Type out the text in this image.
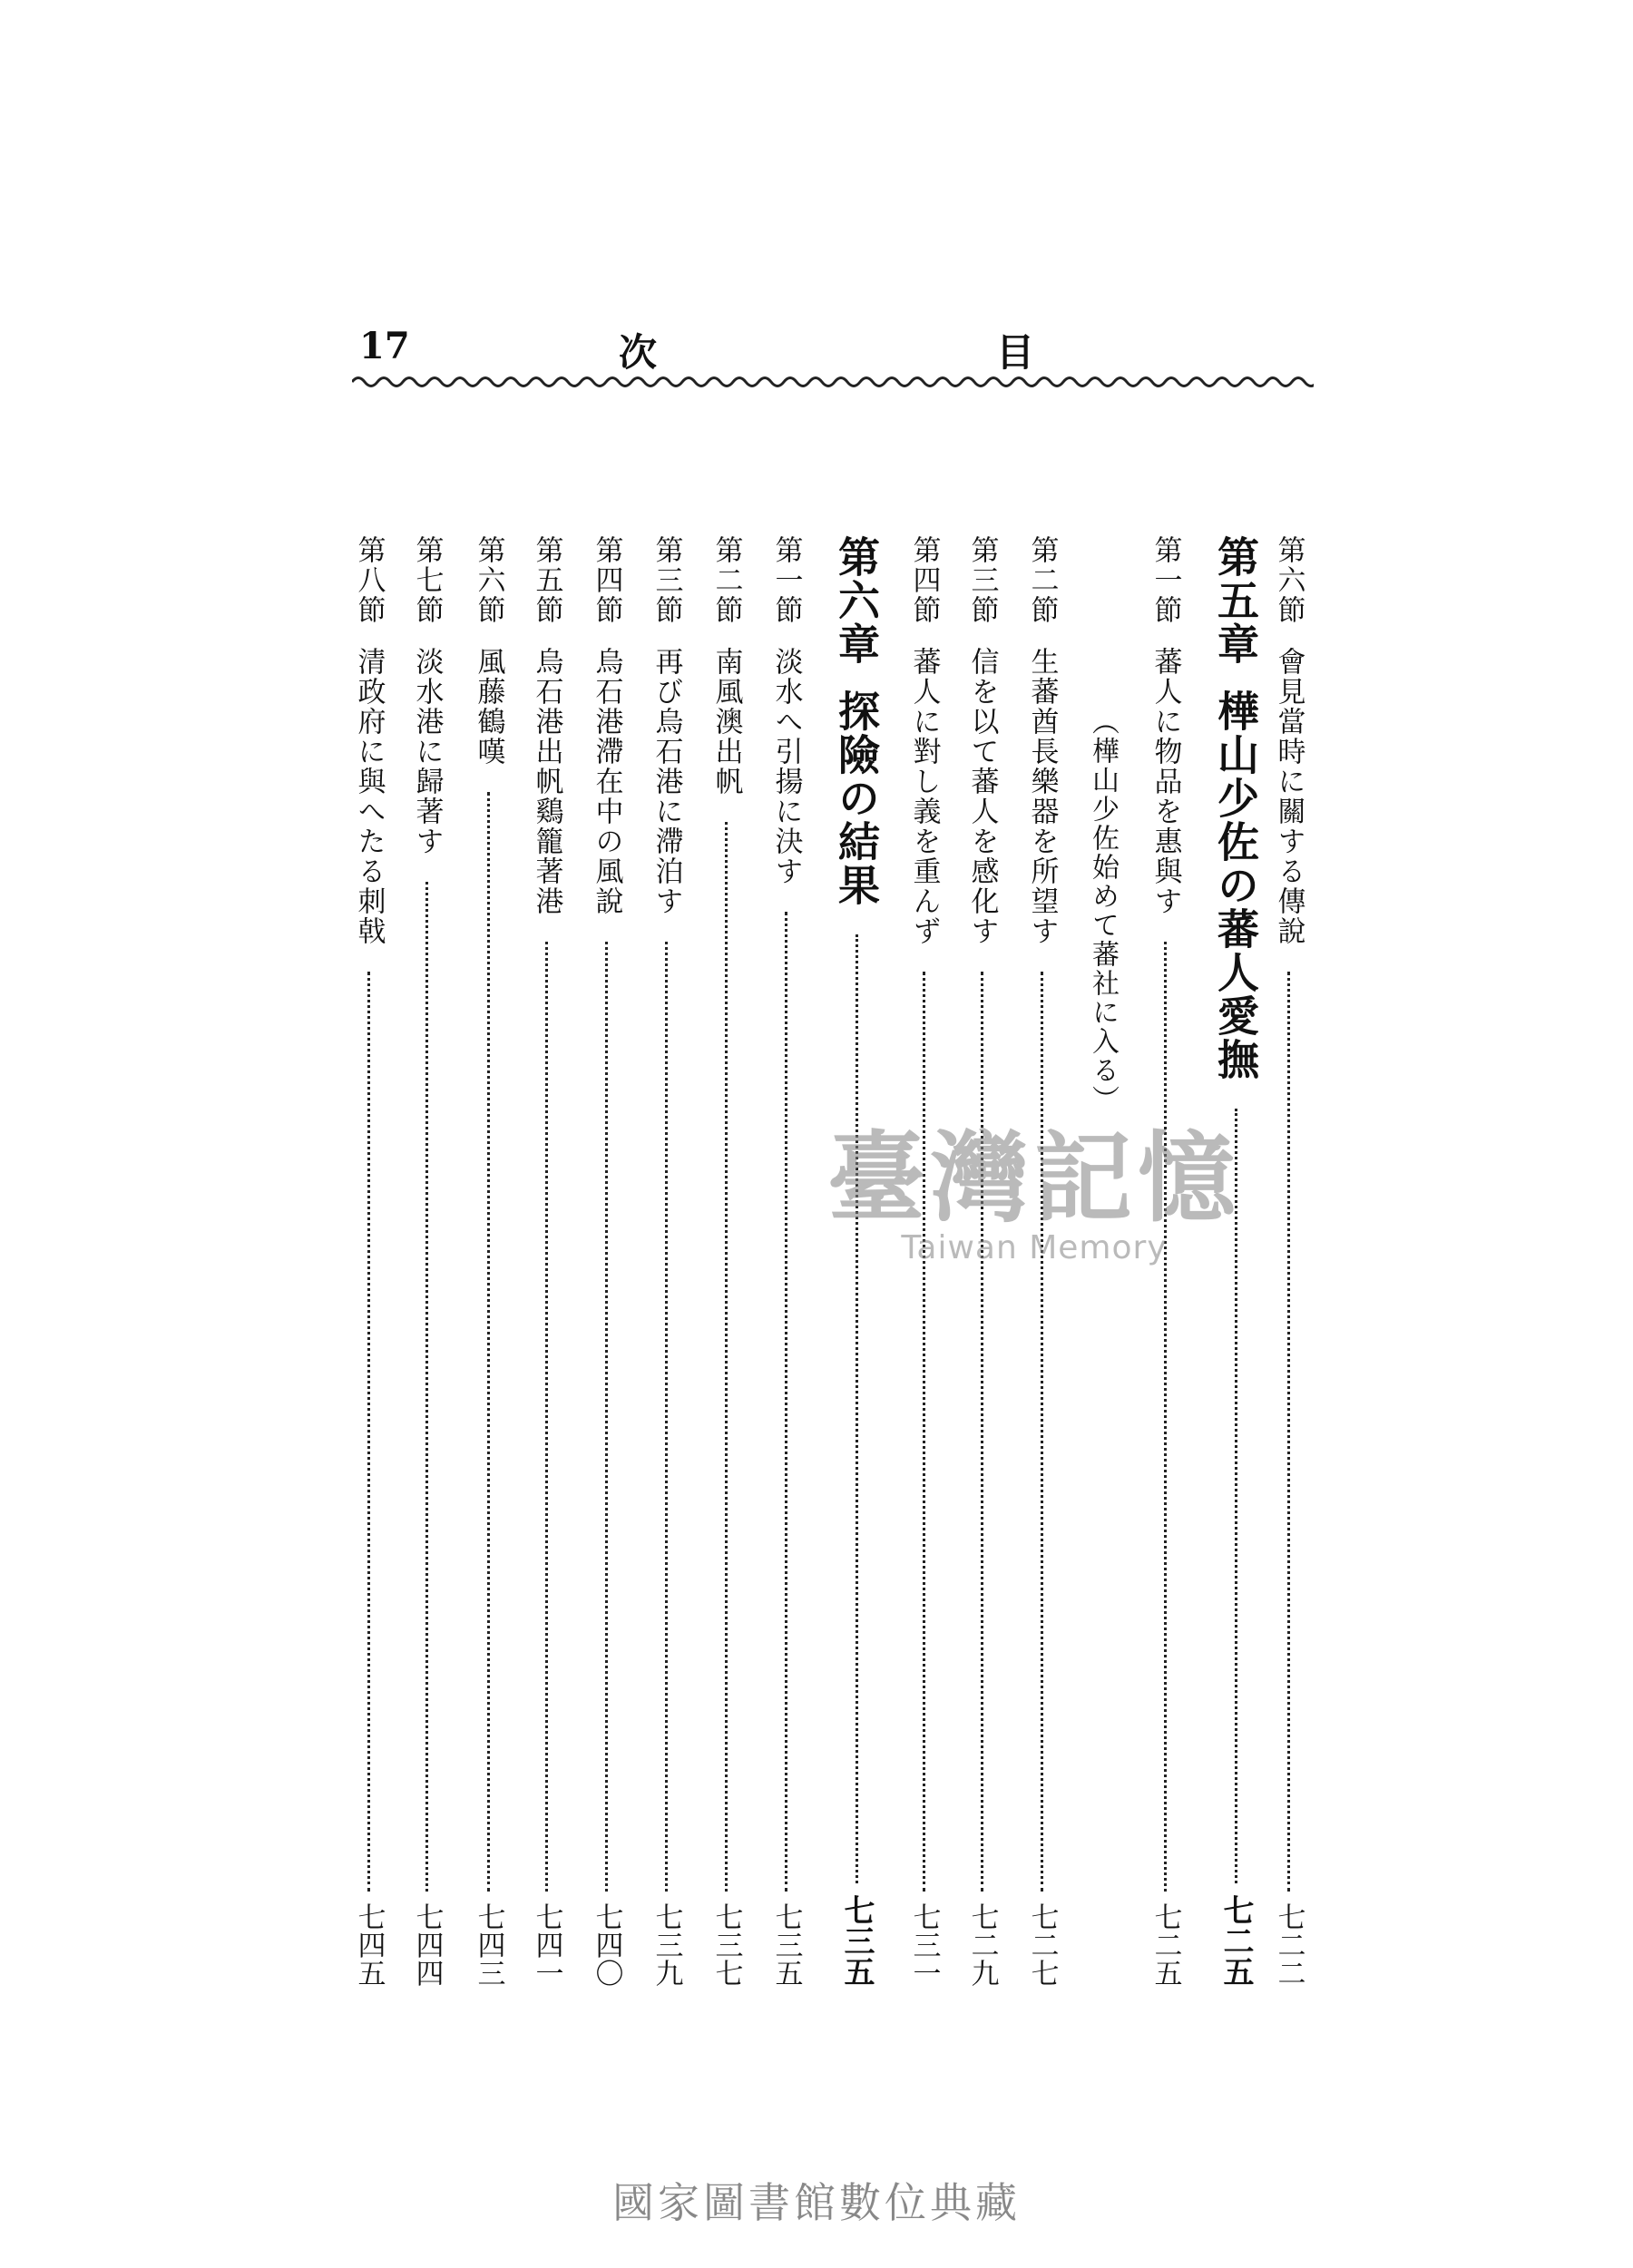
17	次	目
第六節會見當時に關する傳說
七二二
第五章樺山少佐の蕃人愛撫
七二五
第一節蕃人に物品を惠與す
七二五
（樺山少佐始めて蕃社に入る）
第二節生蕃酋長樂器を所望す
七二七
第三節信を以て蕃人を感化す
七二九
第四節蕃人に對し義を重んず
七三一
第六章探險の結果
七三五
第一節淡水へ引揚に決す
七三五
第二節南風澳出帆
七三七
第三節再び烏石港に滯泊す
七三九
第四節烏石港滯在中の風說
七四〇
第五節烏石港出帆鷄籠著港
七四一
第六節風藤鶴嘆
七四三
第七節淡水港に歸著す
七四四
第八節清政府に與へたる刺戟
七四五
臺灣記憶
Taiwan Memory
國家圖書館數位典藏
